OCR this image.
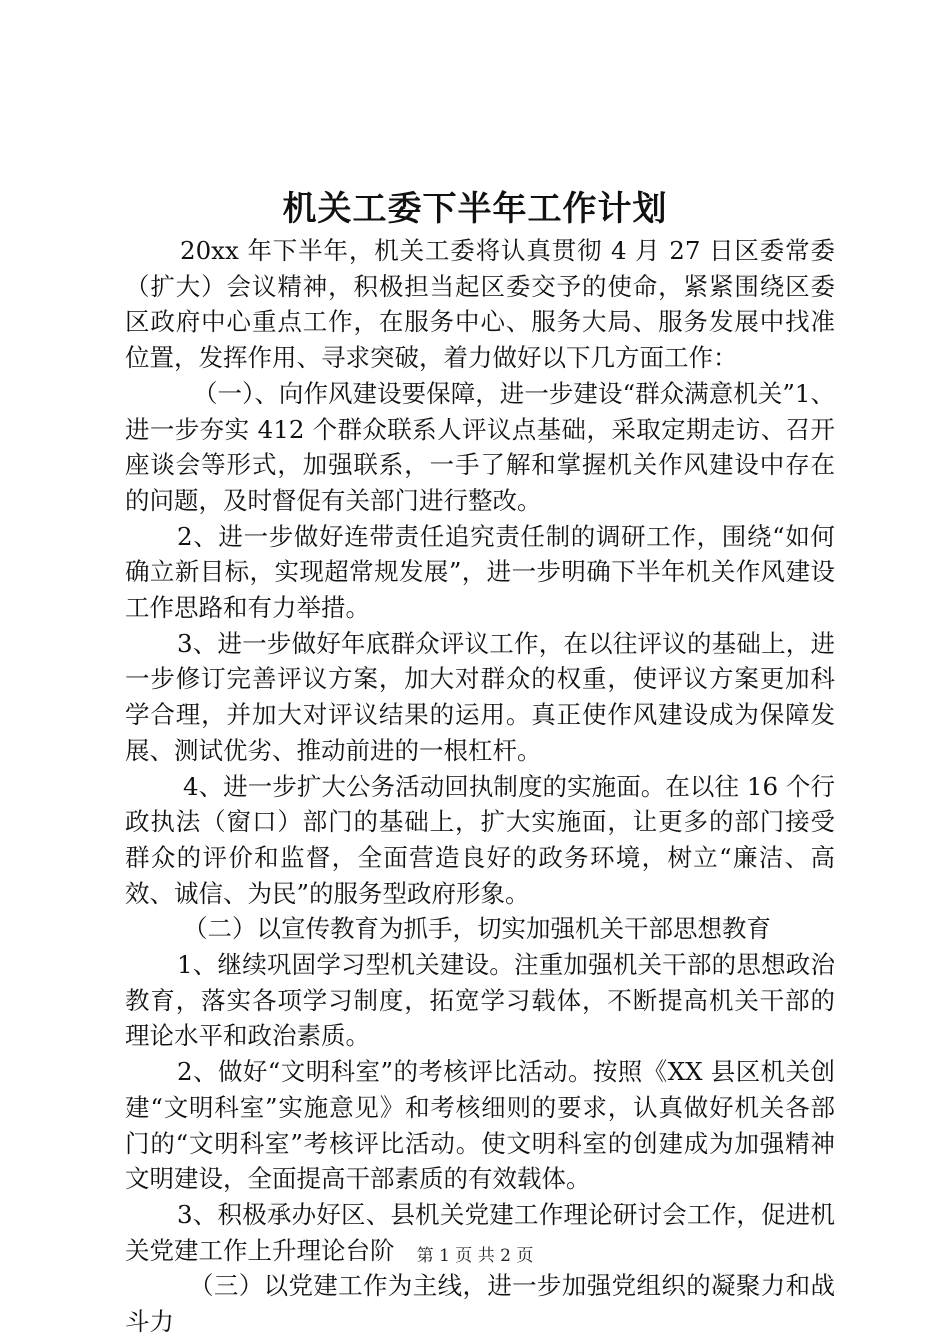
机关工委下半年工作计划

20xx 年下半年，机关工委将认真贯彻 4 月 27 日区委常委（扩大）会议精神，积极担当起区委交予的使命，紧紧围绕区委区政府中心重点工作，在服务中心、服务大局、服务发展中找准位置，发挥作用、寻求突破，着力做好以下几方面工作：

（一）、向作风建设要保障，进一步建设“群众满意机关”1、进一步夯实 412 个群众联系人评议点基础，采取定期走访、召开座谈会等形式，加强联系，一手了解和掌握机关作风建设中存在的问题，及时督促有关部门进行整改。

2、进一步做好连带责任追究责任制的调研工作，围绕“如何确立新目标，实现超常规发展”，进一步明确下半年机关作风建设工作思路和有力举措。

3、进一步做好年底群众评议工作，在以往评议的基础上，进一步修订完善评议方案，加大对群众的权重，使评议方案更加科学合理，并加大对评议结果的运用。真正使作风建设成为保障发展、测试优劣、推动前进的一根杠杆。

4、进一步扩大公务活动回执制度的实施面。在以往 16 个行政执法（窗口）部门的基础上，扩大实施面，让更多的部门接受群众的评价和监督，全面营造良好的政务环境，树立“廉洁、高效、诚信、为民”的服务型政府形象。

（二）以宣传教育为抓手，切实加强机关干部思想教育

1、继续巩固学习型机关建设。注重加强机关干部的思想政治教育，落实各项学习制度，拓宽学习载体，不断提高机关干部的理论水平和政治素质。

2、做好“文明科室”的考核评比活动。按照《XX 县区机关创建“文明科室”实施意见》和考核细则的要求，认真做好机关各部门的“文明科室”考核评比活动。使文明科室的创建成为加强精神文明建设，全面提高干部素质的有效载体。

3、积极承办好区、县机关党建工作理论研讨会工作，促进机关党建工作上升理论台阶

（三）以党建工作为主线，进一步加强党组织的凝聚力和战斗力

第 1 页 共 2 页
